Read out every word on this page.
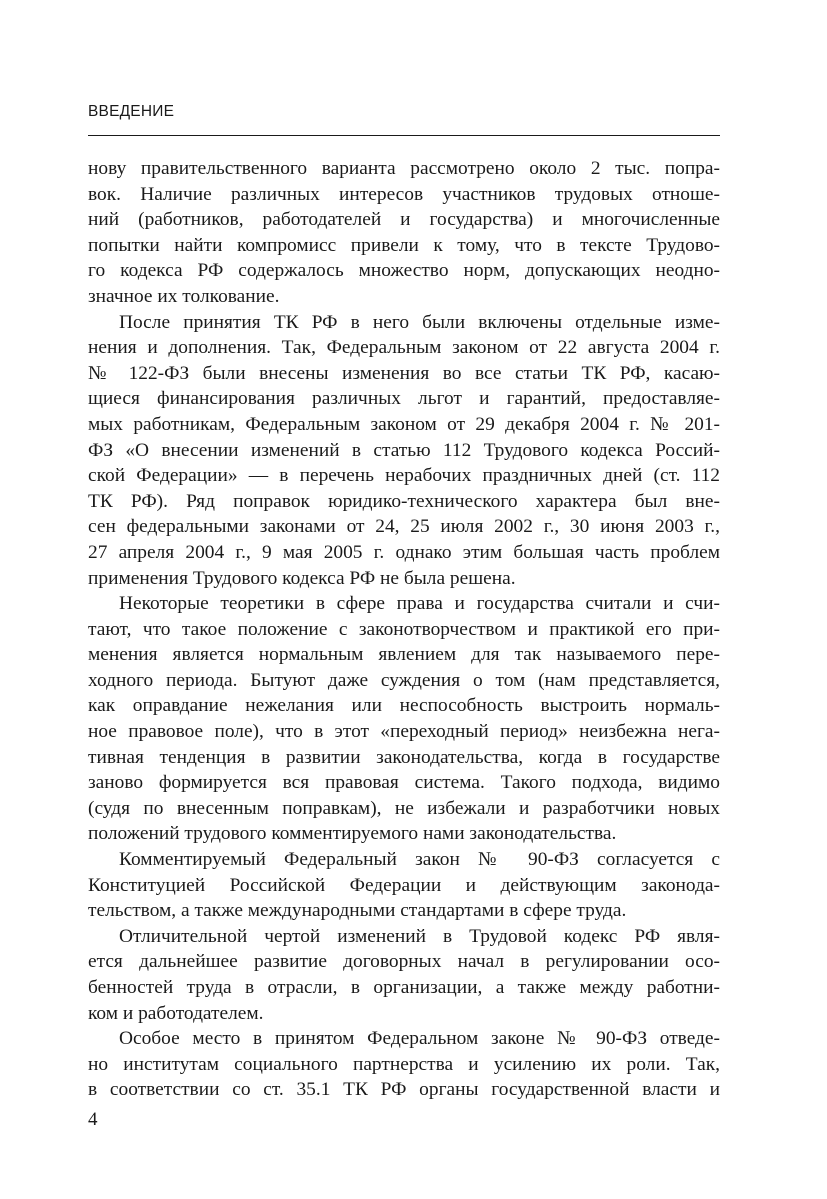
ВВЕДЕНИЕ
нову правительственного варианта рассмотрено около 2 тыс. попра-
вок. Наличие различных интересов участников трудовых отноше-
ний (работников, работодателей и государства) и многочисленные
попытки найти компромисс привели к тому, что в тексте Трудово-
го кодекса РФ содержалось множество норм, допускающих неодно-
значное их толкование.
После принятия ТК РФ в него были включены отдельные изме-
нения и дополнения. Так, Федеральным законом от 22 августа 2004 г.
№ 122-ФЗ были внесены изменения во все статьи ТК РФ, касаю-
щиеся финансирования различных льгот и гарантий, предоставляе-
мых работникам, Федеральным законом от 29 декабря 2004 г. № 201-
ФЗ «О внесении изменений в статью 112 Трудового кодекса Россий-
ской Федерации» — в перечень нерабочих праздничных дней (ст. 112
ТК РФ). Ряд поправок юридико-технического характера был вне-
сен федеральными законами от 24, 25 июля 2002 г., 30 июня 2003 г.,
27 апреля 2004 г., 9 мая 2005 г. однако этим большая часть проблем
применения Трудового кодекса РФ не была решена.
Некоторые теоретики в сфере права и государства считали и счи-
тают, что такое положение с законотворчеством и практикой его при-
менения является нормальным явлением для так называемого пере-
ходного периода. Бытуют даже суждения о том (нам представляется,
как оправдание нежелания или неспособность выстроить нормаль-
ное правовое поле), что в этот «переходный период» неизбежна нега-
тивная тенденция в развитии законодательства, когда в государстве
заново формируется вся правовая система. Такого подхода, видимо
(судя по внесенным поправкам), не избежали и разработчики новых
положений трудового комментируемого нами законодательства.
Комментируемый Федеральный закон № 90-ФЗ согласуется с
Конституцией Российской Федерации и действующим законода-
тельством, а также международными стандартами в сфере труда.
Отличительной чертой изменений в Трудовой кодекс РФ явля-
ется дальнейшее развитие договорных начал в регулировании осо-
бенностей труда в отрасли, в организации, а также между работни-
ком и работодателем.
Особое место в принятом Федеральном законе № 90-ФЗ отведе-
но институтам социального партнерства и усилению их роли. Так,
в соответствии со ст. 35.1 ТК РФ органы государственной власти и
4
